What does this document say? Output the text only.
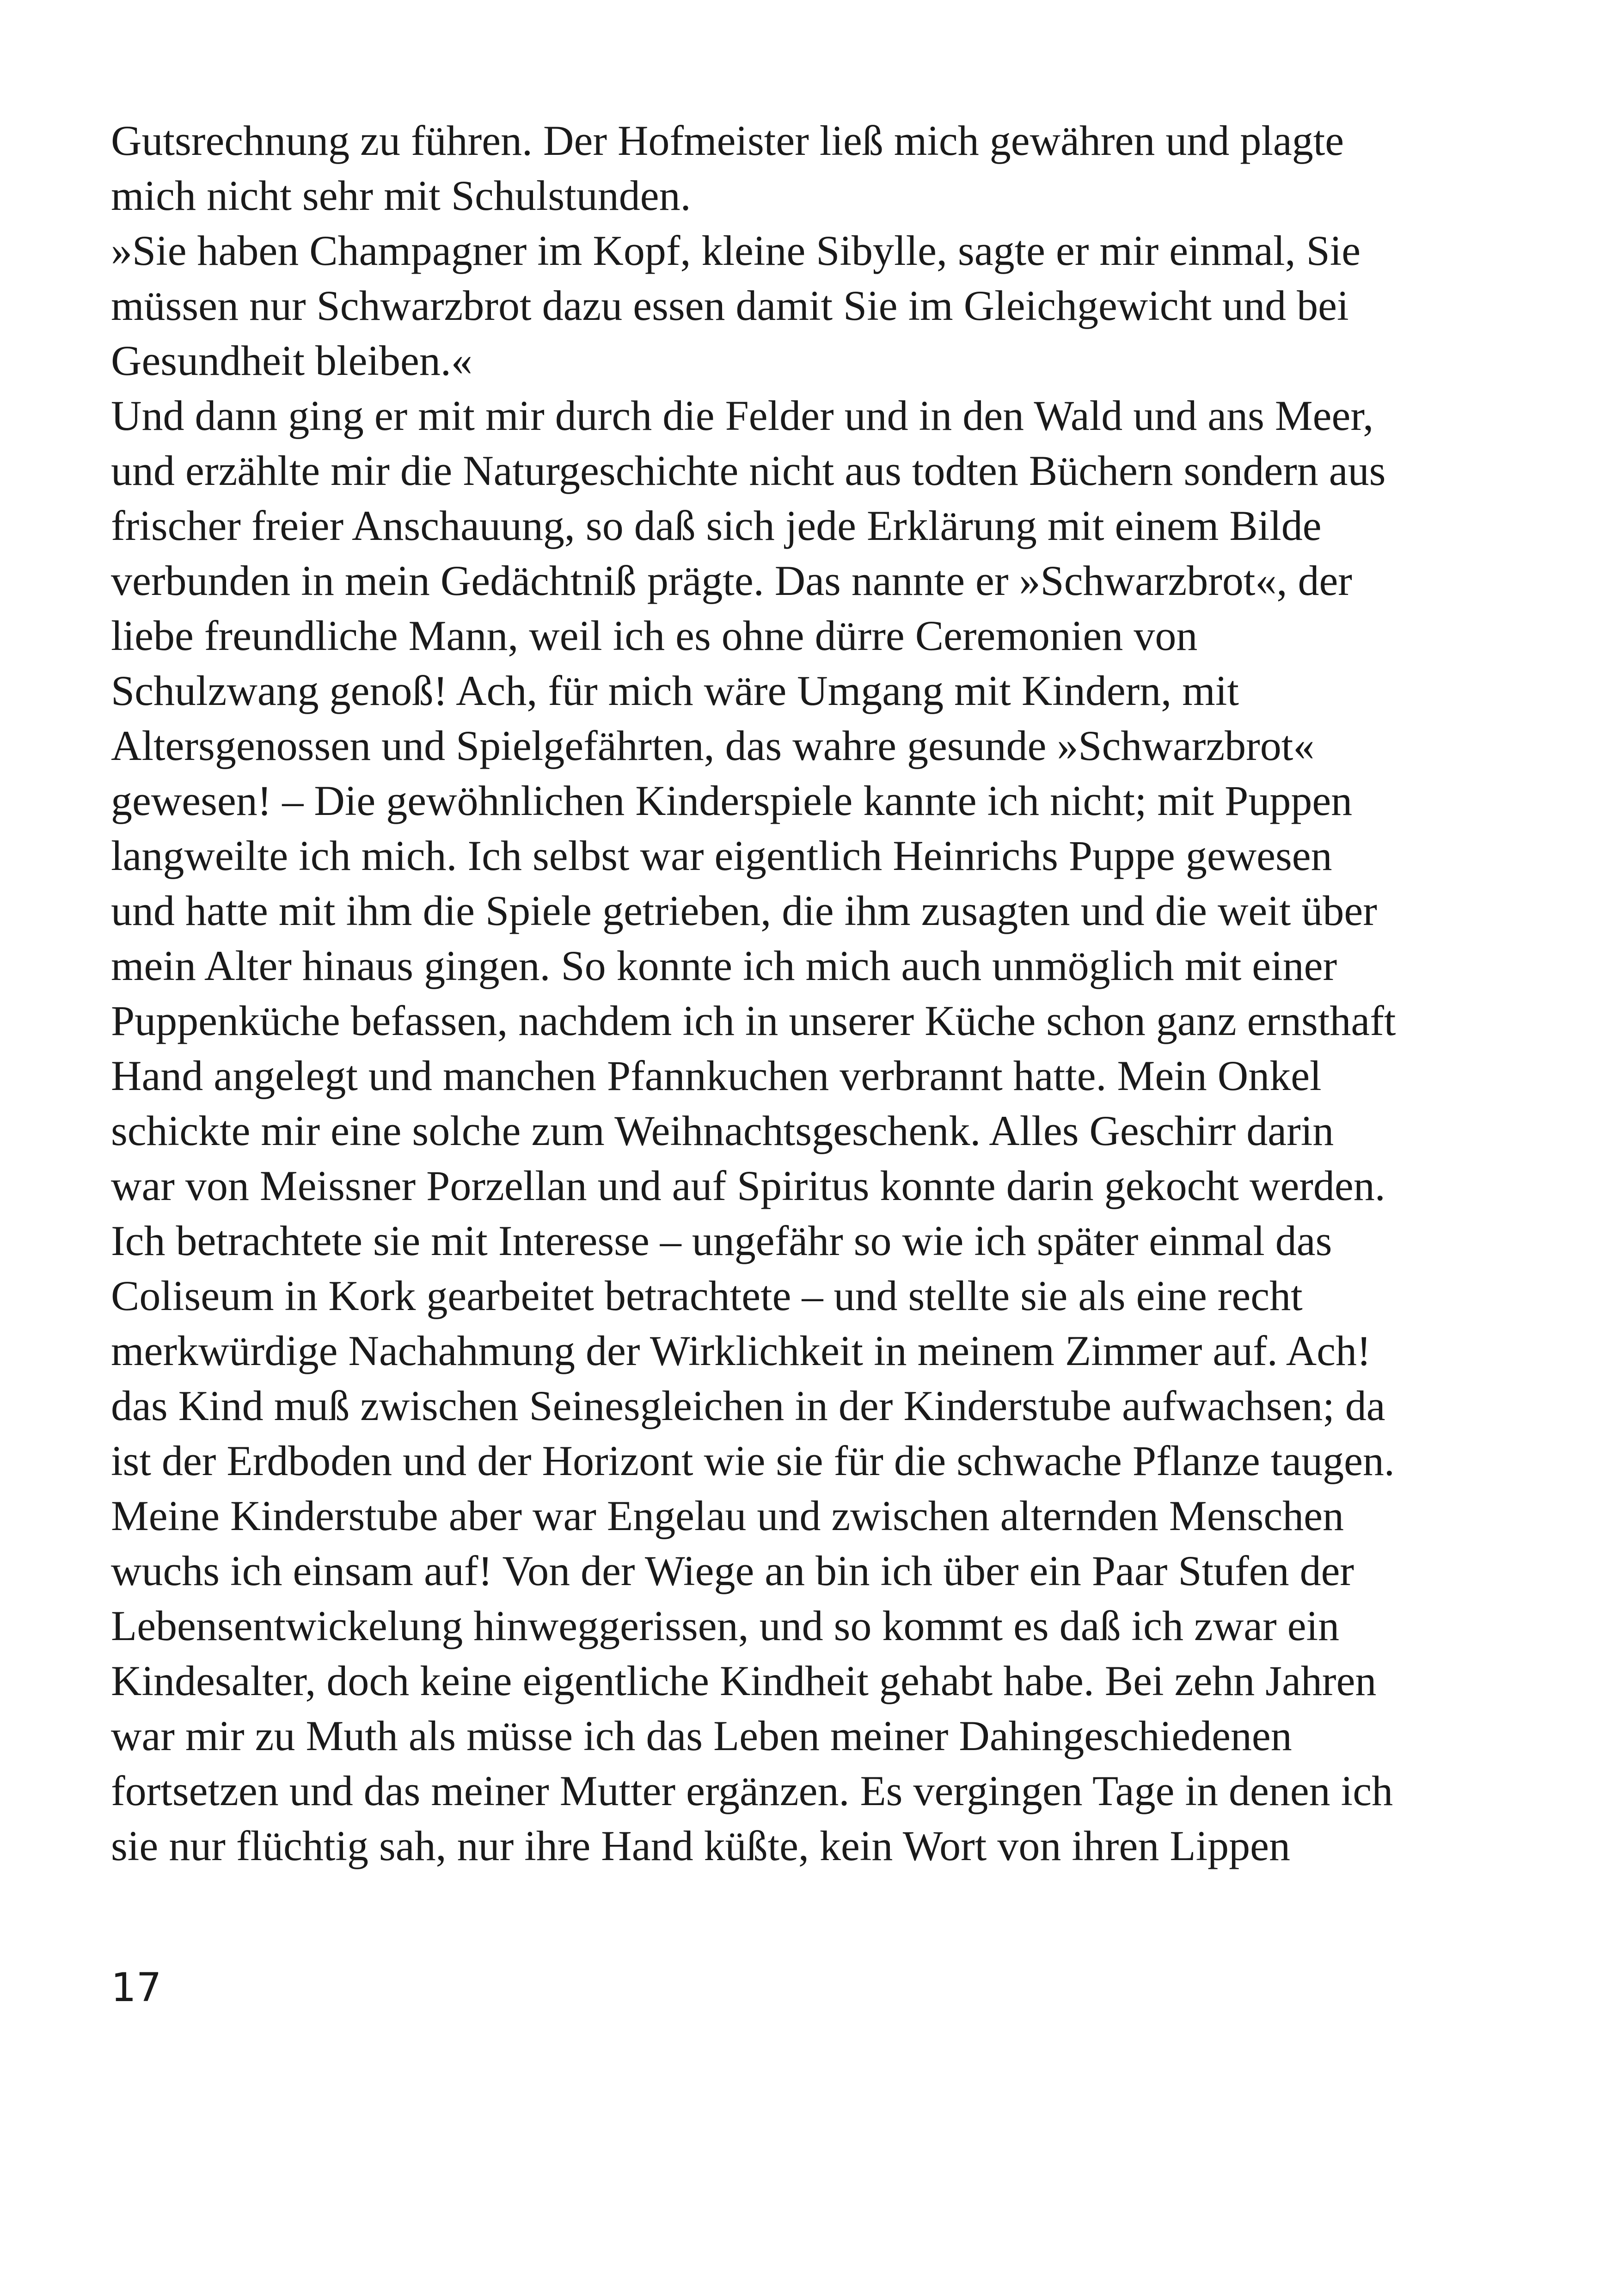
Gutsrechnung zu führen. Der Hofmeister ließ mich gewähren und plagte
mich nicht sehr mit Schulstunden.
»Sie haben Champagner im Kopf, kleine Sibylle, sagte er mir einmal, Sie
müssen nur Schwarzbrot dazu essen damit Sie im Gleichgewicht und bei
Gesundheit bleiben.«
Und dann ging er mit mir durch die Felder und in den Wald und ans Meer,
und erzählte mir die Naturgeschichte nicht aus todten Büchern sondern aus
frischer freier Anschauung, so daß sich jede Erklärung mit einem Bilde
verbunden in mein Gedächtniß prägte. Das nannte er »Schwarzbrot«, der
liebe freundliche Mann, weil ich es ohne dürre Ceremonien von
Schulzwang genoß! Ach, für mich wäre Umgang mit Kindern, mit
Altersgenossen und Spielgefährten, das wahre gesunde »Schwarzbrot«
gewesen! – Die gewöhnlichen Kinderspiele kannte ich nicht; mit Puppen
langweilte ich mich. Ich selbst war eigentlich Heinrichs Puppe gewesen
und hatte mit ihm die Spiele getrieben, die ihm zusagten und die weit über
mein Alter hinaus gingen. So konnte ich mich auch unmöglich mit einer
Puppenküche befassen, nachdem ich in unserer Küche schon ganz ernsthaft
Hand angelegt und manchen Pfannkuchen verbrannt hatte. Mein Onkel
schickte mir eine solche zum Weihnachtsgeschenk. Alles Geschirr darin
war von Meissner Porzellan und auf Spiritus konnte darin gekocht werden.
Ich betrachtete sie mit Interesse – ungefähr so wie ich später einmal das
Coliseum in Kork gearbeitet betrachtete – und stellte sie als eine recht
merkwürdige Nachahmung der Wirklichkeit in meinem Zimmer auf. Ach!
das Kind muß zwischen Seinesgleichen in der Kinderstube aufwachsen; da
ist der Erdboden und der Horizont wie sie für die schwache Pflanze taugen.
Meine Kinderstube aber war Engelau und zwischen alternden Menschen
wuchs ich einsam auf! Von der Wiege an bin ich über ein Paar Stufen der
Lebensentwickelung hinweggerissen, und so kommt es daß ich zwar ein
Kindesalter, doch keine eigentliche Kindheit gehabt habe. Bei zehn Jahren
war mir zu Muth als müsse ich das Leben meiner Dahingeschiedenen
fortsetzen und das meiner Mutter ergänzen. Es vergingen Tage in denen ich
sie nur flüchtig sah, nur ihre Hand küßte, kein Wort von ihren Lippen
17
